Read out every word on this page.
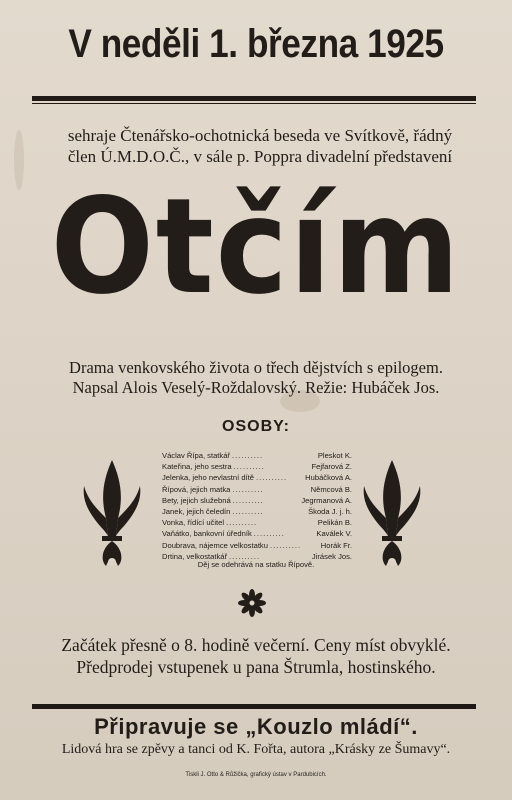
V neděli 1. března 1925
sehraje Čtenářsko-ochotnická beseda ve Svítkově, řádný
člen Ú.M.D.O.Č., v sále p. Poppra divadelní představení
Otčím
Drama venkovského života o třech dějstvích s epilogem.
Napsal Alois Veselý-Roždalovský. Režie: Hubáček Jos.
OSOBY:
Václav Řípa, statkář ..........	Pleskot K.
Kateřina, jeho sestra ..........	Fejfarová Z.
Jelenka, jeho nevlastní dítě ..........	Hubáčková A.
Řípová, jejich matka ..........	Němcová B.
Bety, jejich služebná ..........	Jegrmanová A.
Janek, jejich čeledín ..........	Škoda J. j. h.
Vonka, řídící učitel ..........	Pelikán B.
Vaňátko, bankovní úředník ..........	Kaválek V.
Doubrava, nájemce velkostatku ..........	Horák Fr.
Drtina, velkostatkář ..........	Jirásek Jos.
Děj se odehrává na statku Řípově.
Začátek přesně o 8. hodině večerní. Ceny míst obvyklé.
Předprodej vstupenek u pana Štrumla, hostinského.
Připravuje se „Kouzlo mládí“.
Lidová hra se zpěvy a tanci od K. Fořta, autora „Krásky ze Šumavy“.
Tiskli J. Otto & Růžička, grafický ústav v Pardubicích.
